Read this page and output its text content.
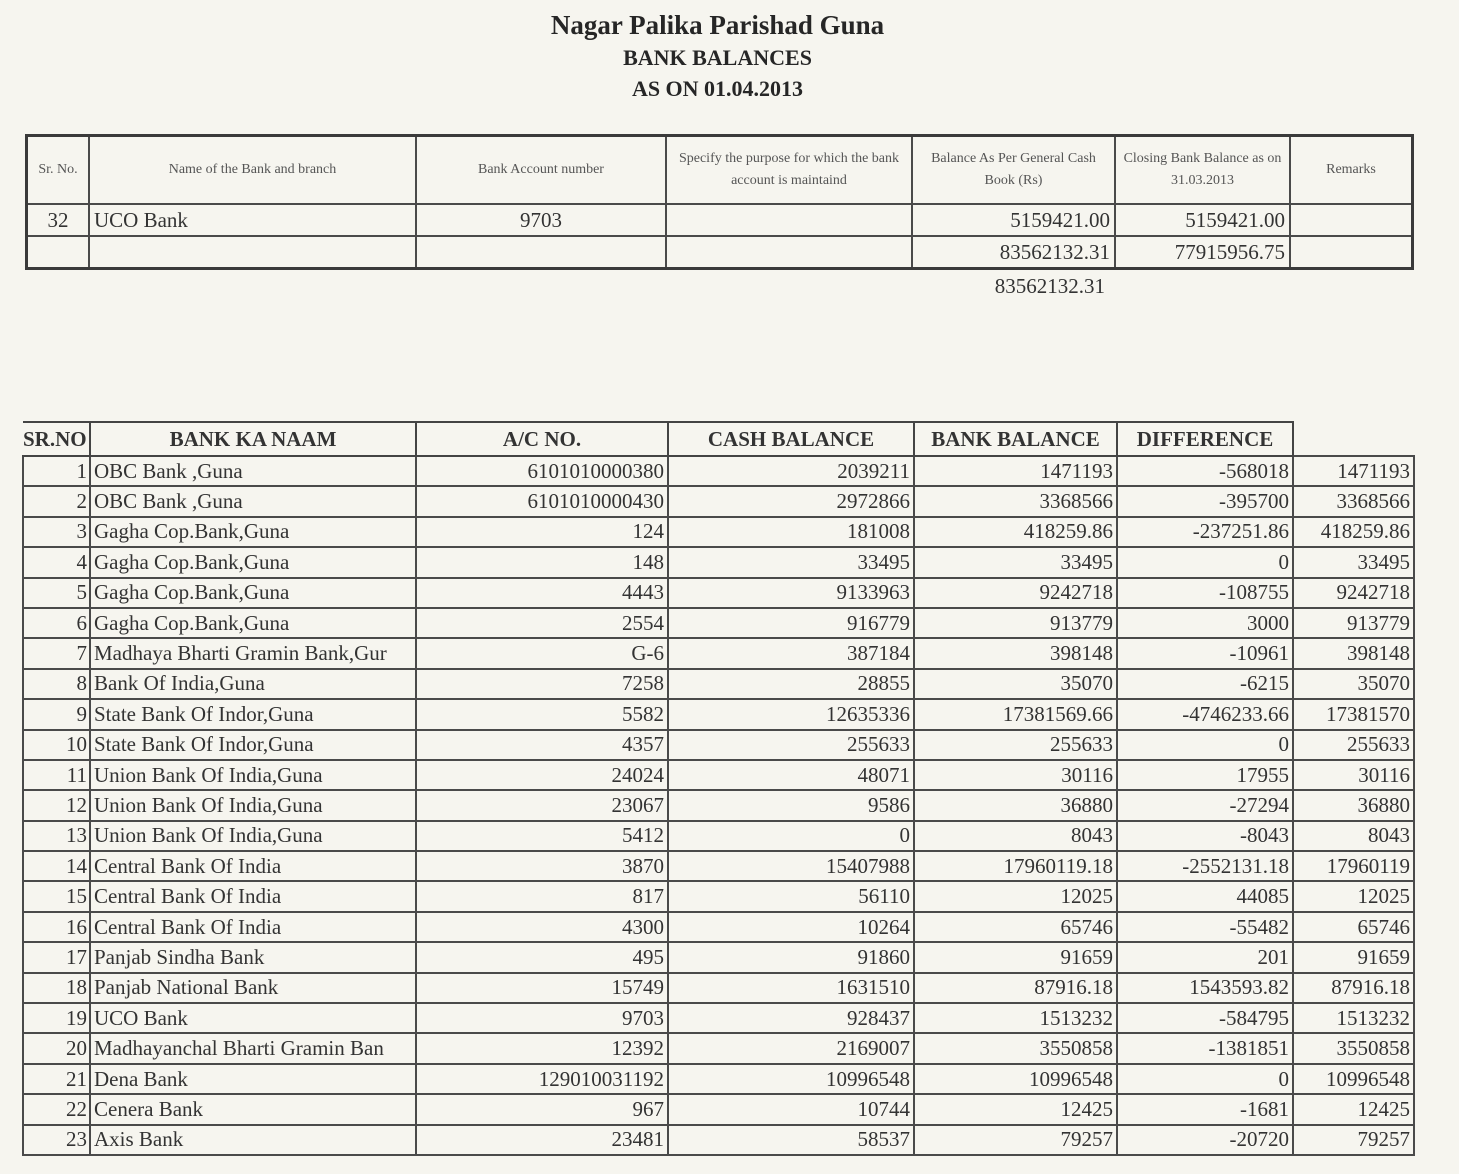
Nagar Palika Parishad Guna
BANK BALANCES
AS ON 01.04.2013
Sr. No.	Name of the Bank and branch	Bank Account number	Specify the purpose for which the bank account is maintaind	Balance As Per General Cash Book (Rs)	Closing Bank Balance as on 31.03.2013	Remarks
32	UCO Bank	9703		5159421.00	5159421.00	
				83562132.31	77915956.75	
83562132.31
SR.NO	BANK KA NAAM	A/C NO.	CASH BALANCE	BANK BALANCE	DIFFERENCE	
1	OBC Bank ,Guna	6101010000380	2039211	1471193	-568018	1471193
2	OBC Bank ,Guna	6101010000430	2972866	3368566	-395700	3368566
3	Gagha Cop.Bank,Guna	124	181008	418259.86	-237251.86	418259.86
4	Gagha Cop.Bank,Guna	148	33495	33495	0	33495
5	Gagha Cop.Bank,Guna	4443	9133963	9242718	-108755	9242718
6	Gagha Cop.Bank,Guna	2554	916779	913779	3000	913779
7	Madhaya Bharti Gramin Bank,Gur	G-6	387184	398148	-10961	398148
8	Bank Of India,Guna	7258	28855	35070	-6215	35070
9	State Bank Of Indor,Guna	5582	12635336	17381569.66	-4746233.66	17381570
10	State Bank Of Indor,Guna	4357	255633	255633	0	255633
11	Union Bank Of India,Guna	24024	48071	30116	17955	30116
12	Union Bank Of India,Guna	23067	9586	36880	-27294	36880
13	Union Bank Of India,Guna	5412	0	8043	-8043	8043
14	Central Bank Of India	3870	15407988	17960119.18	-2552131.18	17960119
15	Central Bank Of India	817	56110	12025	44085	12025
16	Central Bank Of India	4300	10264	65746	-55482	65746
17	Panjab Sindha Bank	495	91860	91659	201	91659
18	Panjab National Bank	15749	1631510	87916.18	1543593.82	87916.18
19	UCO Bank	9703	928437	1513232	-584795	1513232
20	Madhayanchal Bharti Gramin Ban	12392	2169007	3550858	-1381851	3550858
21	Dena Bank	129010031192	10996548	10996548	0	10996548
22	Cenera Bank	967	10744	12425	-1681	12425
23	Axis Bank	23481	58537	79257	-20720	79257
